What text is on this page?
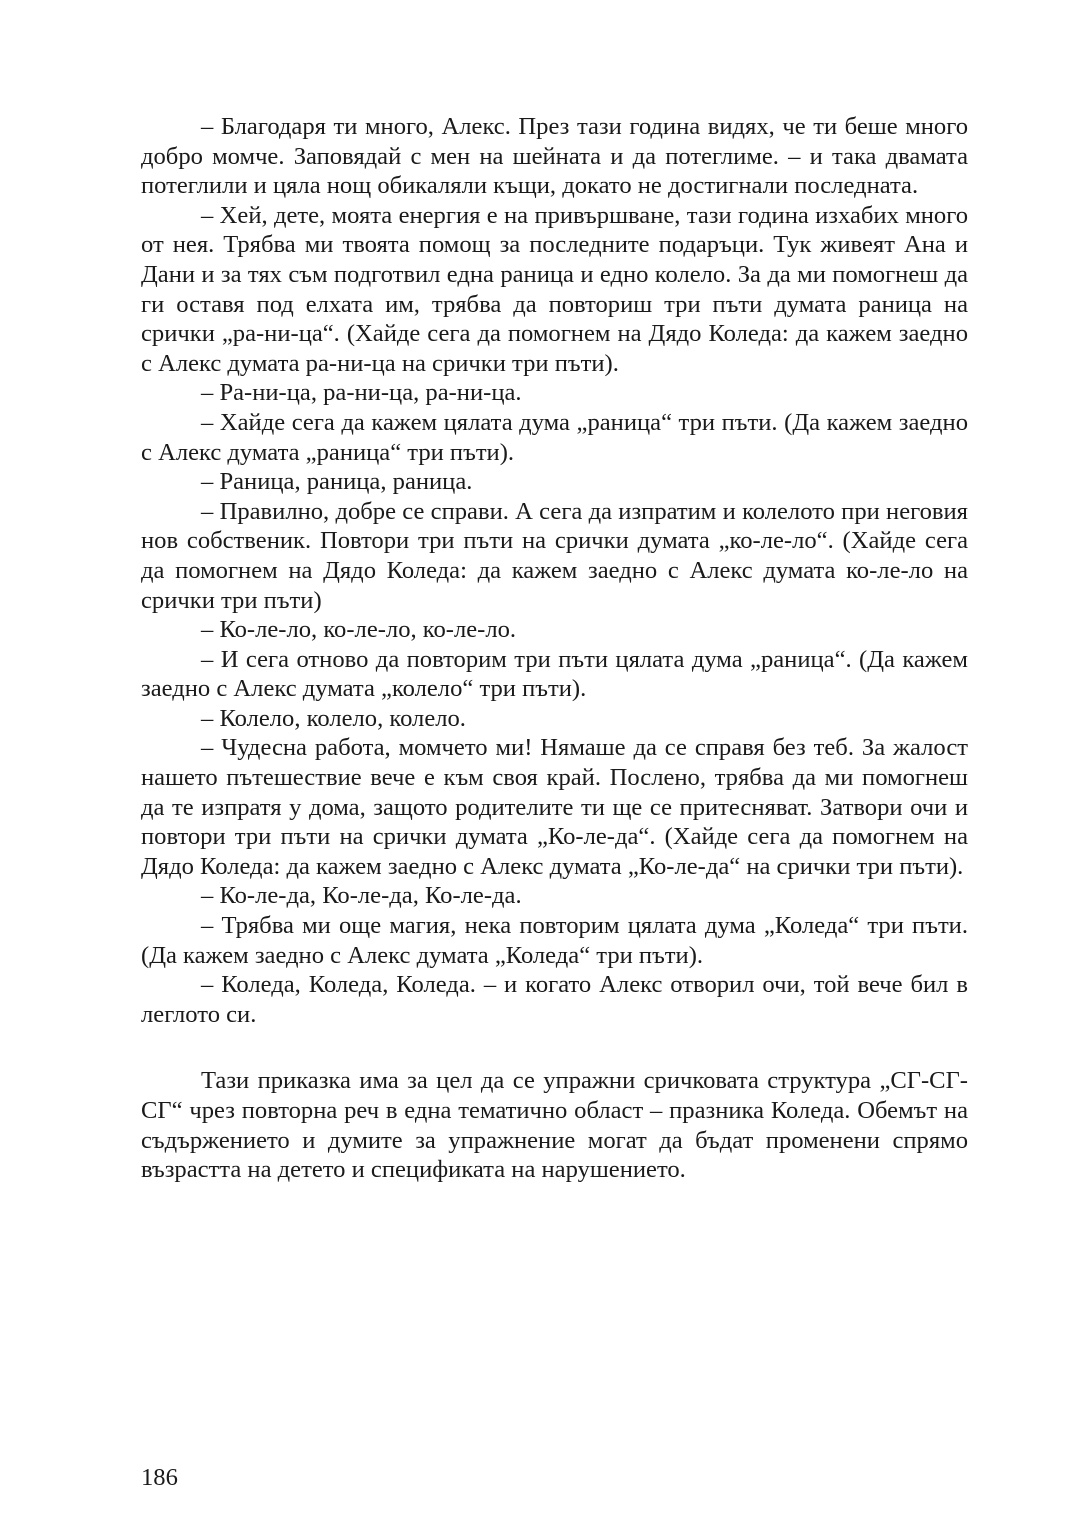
– Благодаря ти много, Алекс. През тази година видях, че ти беше много добро момче. Заповядай с мен на шейната и да потеглиме. – и така двамата потеглили и цяла нощ обикаляли къщи, докато не достигнали последната.

– Хей, дете, моята енергия е на привършване, тази година изхабих много от нея. Трябва ми твоята помощ за последните подаръци. Тук живеят Ана и Дани и за тях съм подготвил една раница и едно колело. За да ми помогнеш да ги оставя под елхата им, трябва да повториш три пъти думата раница на срички „ра-ни-ца“. (Хайде сега да помогнем на Дядо Коледа: да кажем заедно с Алекс думата ра-ни-ца на срички три пъти).

– Ра-ни-ца, ра-ни-ца, ра-ни-ца.

– Хайде сега да кажем цялата дума „раница“ три пъти. (Да кажем заедно с Алекс думата „раница“ три пъти).

– Раница, раница, раница.

– Правилно, добре се справи. А сега да изпратим и колелото при неговия нов собственик. Повтори три пъти на срички думата „ко-ле-ло“. (Хайде сега да помогнем на Дядо Коледа: да кажем заедно с Алекс думата ко-ле-ло на срички три пъти)

– Ко-ле-ло, ко-ле-ло, ко-ле-ло.

– И сега отново да повторим три пъти цялата дума „раница“. (Да кажем заедно с Алекс думата „колело“ три пъти).

– Колело, колело, колело.

– Чудесна работа, момчето ми! Нямаше да се справя без теб. За жалост нашето пътешествие вече е към своя край. Послено, трябва да ми помогнеш да те изпратя у дома, защото родителите ти ще се притесняват. Затвори очи и повтори три пъти на срички думата „Ко-ле-да“. (Хайде сега да помогнем на Дядо Коледа: да кажем заедно с Алекс думата „Ко-ле-да“ на срички три пъти).

– Ко-ле-да, Ко-ле-да, Ко-ле-да.

– Трябва ми още магия, нека повторим цялата дума „Коледа“ три пъти. (Да кажем заедно с Алекс думата „Коледа“ три пъти).

– Коледа, Коледа, Коледа. – и когато Алекс отворил очи, той вече бил в леглото си.

Тази приказка има за цел да се упражни сричковата структура „СГ-СГ-СГ“ чрез повторна реч в една тематично област – празника Коледа. Обемът на съдържението и думите за упражнение могат да бъдат променени спрямо възрастта на детето и спецификата на нарушението.

186
